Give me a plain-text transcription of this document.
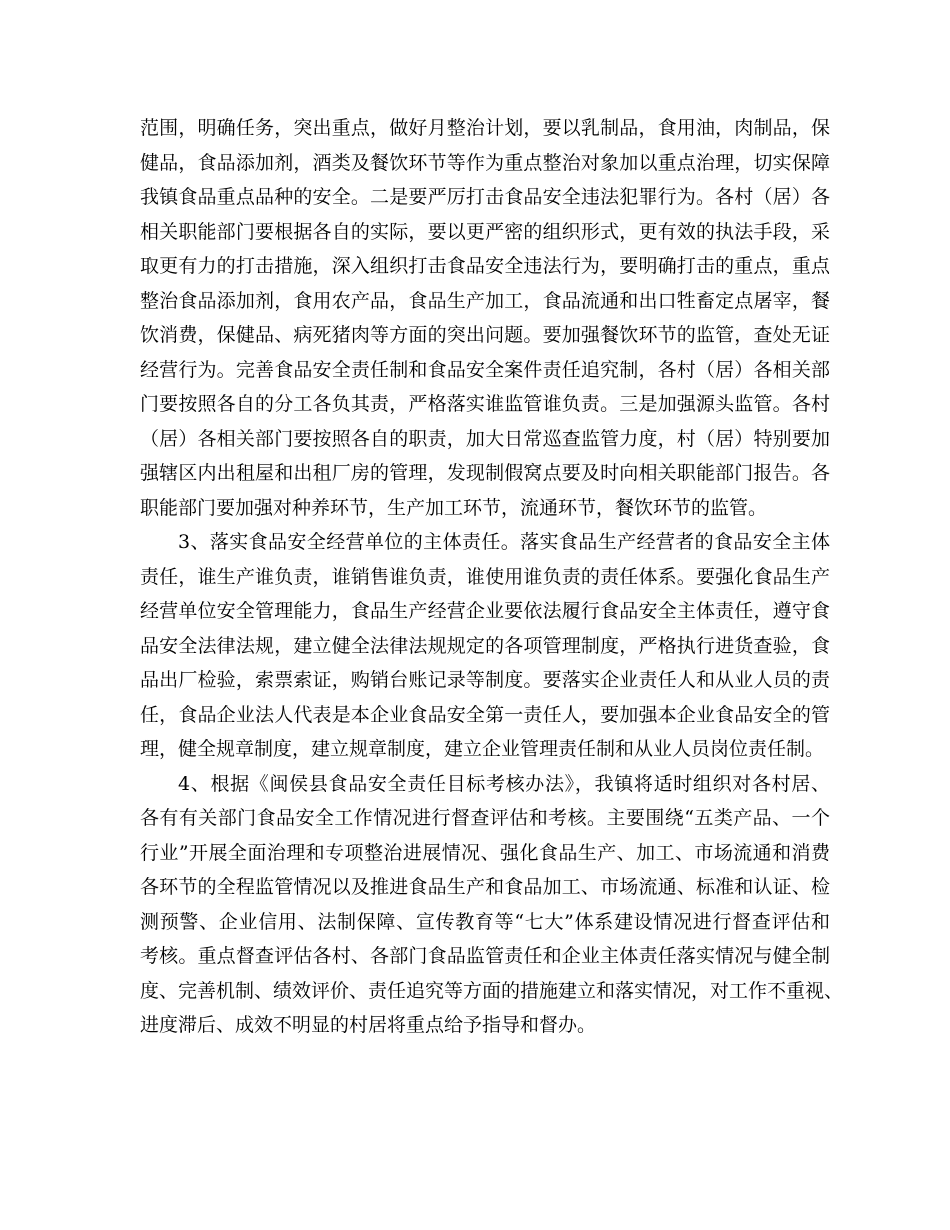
范围，明确任务，突出重点，做好月整治计划，要以乳制品，食用油，肉制品，保
健品，食品添加剂，酒类及餐饮环节等作为重点整治对象加以重点治理，切实保障
我镇食品重点品种的安全。二是要严厉打击食品安全违法犯罪行为。各村（居）各
相关职能部门要根据各自的实际，要以更严密的组织形式，更有效的执法手段，采
取更有力的打击措施，深入组织打击食品安全违法行为，要明确打击的重点，重点
整治食品添加剂，食用农产品，食品生产加工，食品流通和出口牲畜定点屠宰，餐
饮消费，保健品、病死猪肉等方面的突出问题。要加强餐饮环节的监管，查处无证
经营行为。完善食品安全责任制和食品安全案件责任追究制，各村（居）各相关部
门要按照各自的分工各负其责，严格落实谁监管谁负责。三是加强源头监管。各村
（居）各相关部门要按照各自的职责，加大日常巡查监管力度，村（居）特别要加
强辖区内出租屋和出租厂房的管理，发现制假窝点要及时向相关职能部门报告。各
职能部门要加强对种养环节，生产加工环节，流通环节，餐饮环节的监管。
3、落实食品安全经营单位的主体责任。落实食品生产经营者的食品安全主体
责任，谁生产谁负责，谁销售谁负责，谁使用谁负责的责任体系。要强化食品生产
经营单位安全管理能力，食品生产经营企业要依法履行食品安全主体责任，遵守食
品安全法律法规，建立健全法律法规规定的各项管理制度，严格执行进货查验，食
品出厂检验，索票索证，购销台账记录等制度。要落实企业责任人和从业人员的责
任，食品企业法人代表是本企业食品安全第一责任人，要加强本企业食品安全的管
理，健全规章制度，建立规章制度，建立企业管理责任制和从业人员岗位责任制。
4、根据《闽侯县食品安全责任目标考核办法》，我镇将适时组织对各村居、
各有有关部门食品安全工作情况进行督查评估和考核。主要围绕“五类产品、一个
行业”开展全面治理和专项整治进展情况、强化食品生产、加工、市场流通和消费
各环节的全程监管情况以及推进食品生产和食品加工、市场流通、标准和认证、检
测预警、企业信用、法制保障、宣传教育等“七大”体系建设情况进行督查评估和
考核。重点督查评估各村、各部门食品监管责任和企业主体责任落实情况与健全制
度、完善机制、绩效评价、责任追究等方面的措施建立和落实情况，对工作不重视、
进度滞后、成效不明显的村居将重点给予指导和督办。
